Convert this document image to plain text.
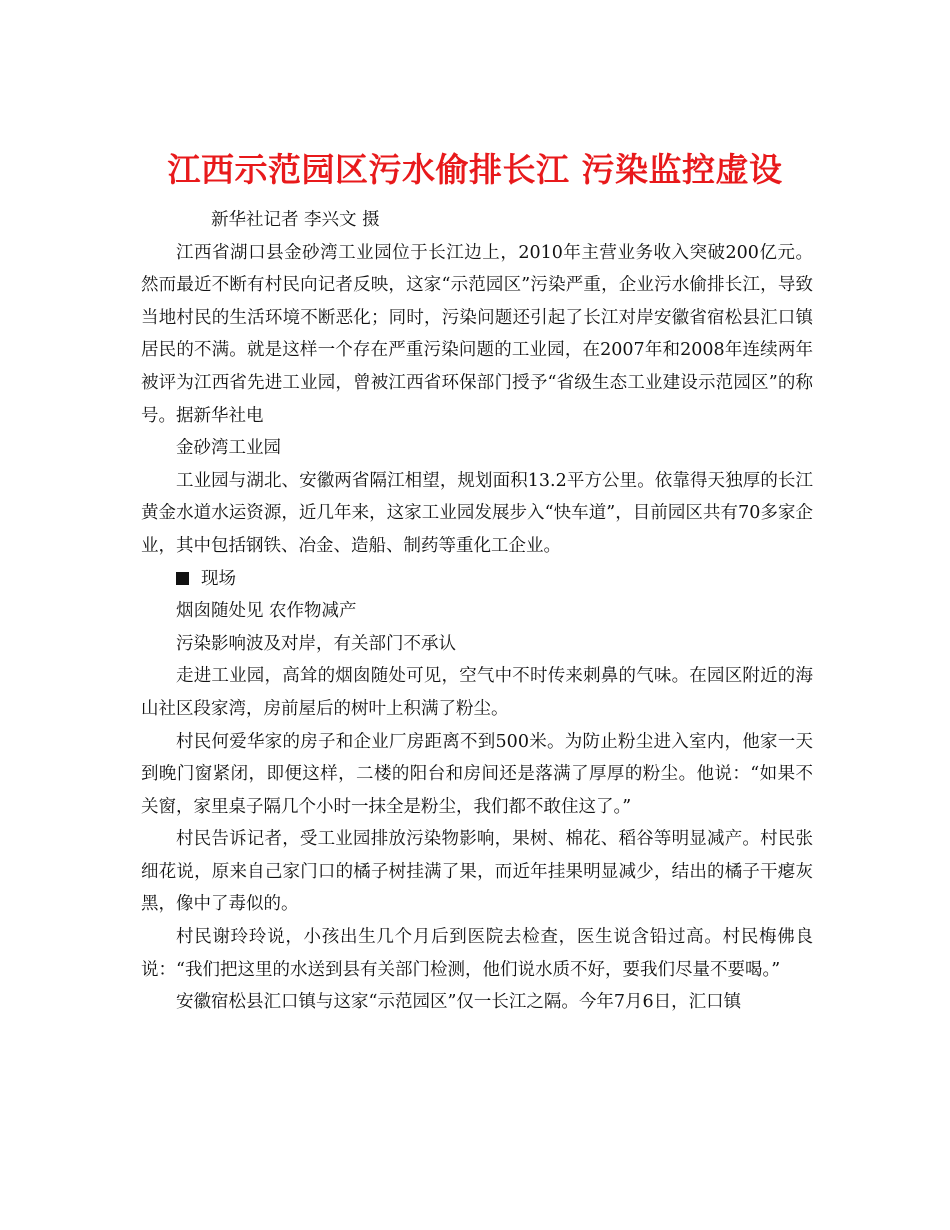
江西示范园区污水偷排长江 污染监控虚设

新华社记者 李兴文 摄

江西省湖口县金砂湾工业园位于长江边上，2010年主营业务收入突破200亿元。然而最近不断有村民向记者反映，这家“示范园区”污染严重，企业污水偷排长江，导致当地村民的生活环境不断恶化；同时，污染问题还引起了长江对岸安徽省宿松县汇口镇居民的不满。就是这样一个存在严重污染问题的工业园，在2007年和2008年连续两年被评为江西省先进工业园，曾被江西省环保部门授予“省级生态工业建设示范园区”的称号。据新华社电

金砂湾工业园

工业园与湖北、安徽两省隔江相望，规划面积13.2平方公里。依靠得天独厚的长江黄金水道水运资源，近几年来，这家工业园发展步入“快车道”，目前园区共有70多家企业，其中包括钢铁、冶金、造船、制药等重化工企业。

现场

烟囱随处见 农作物减产

污染影响波及对岸，有关部门不承认

走进工业园，高耸的烟囱随处可见，空气中不时传来刺鼻的气味。在园区附近的海山社区段家湾，房前屋后的树叶上积满了粉尘。

村民何爱华家的房子和企业厂房距离不到500米。为防止粉尘进入室内，他家一天到晚门窗紧闭，即便这样，二楼的阳台和房间还是落满了厚厚的粉尘。他说：“如果不关窗，家里桌子隔几个小时一抹全是粉尘，我们都不敢住这了。”

村民告诉记者，受工业园排放污染物影响，果树、棉花、稻谷等明显减产。村民张细花说，原来自己家门口的橘子树挂满了果，而近年挂果明显减少，结出的橘子干瘪灰黑，像中了毒似的。

村民谢玲玲说，小孩出生几个月后到医院去检查，医生说含铅过高。村民梅佛良说：“我们把这里的水送到县有关部门检测，他们说水质不好，要我们尽量不要喝。”

安徽宿松县汇口镇与这家“示范园区”仅一长江之隔。今年7月6日，汇口镇
